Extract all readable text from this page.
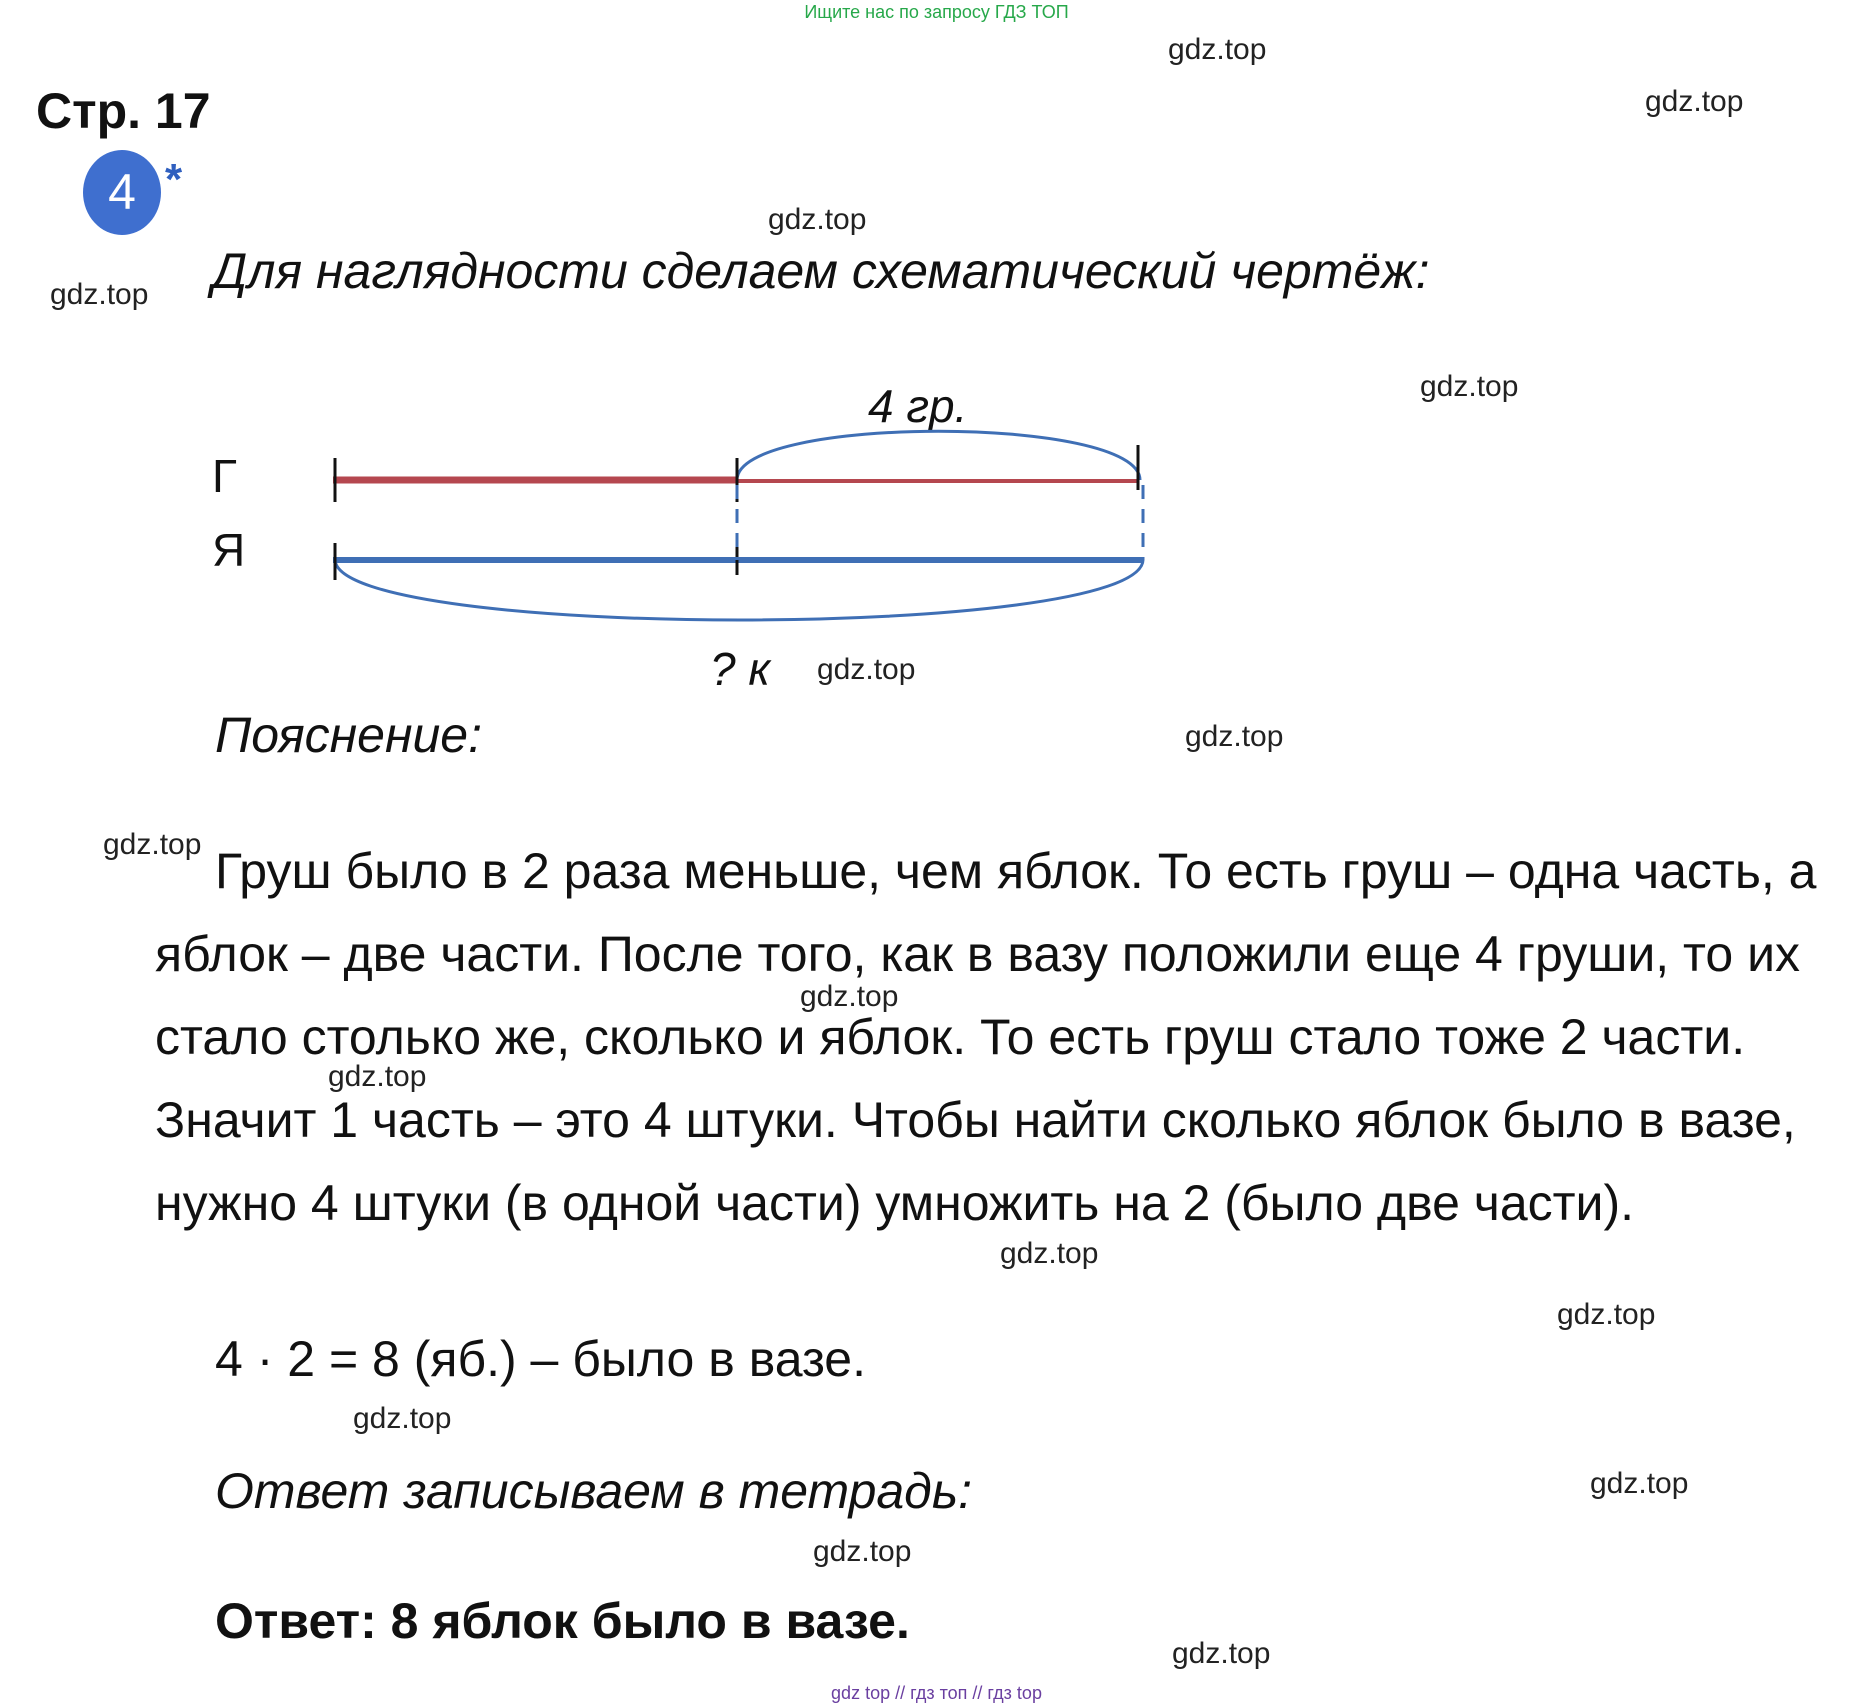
Ищите нас по запросу ГДЗ ТОП
Стр. 17
4 *
Для наглядности сделаем схематический чертёж:
Г
Я
4 гр.
? к
Пояснение:
Груш было в 2 раза меньше, чем яблок. То есть груш – одна часть, а яблок – две части. После того, как в вазу положили еще 4 груши, то их стало столько же, сколько и яблок. То есть груш стало тоже 2 части. Значит 1 часть – это 4 штуки. Чтобы найти сколько яблок было в вазе, нужно 4 штуки (в одной части) умножить на 2 (было две части).
4 · 2 = 8 (яб.) – было в вазе.
Ответ записываем в тетрадь:
Ответ: 8 яблок было в вазе.
gdz.top
gdz.top
gdz.top
gdz.top
gdz.top
gdz.top
gdz.top
gdz.top
gdz.top
gdz.top
gdz.top
gdz.top
gdz.top
gdz.top
gdz.top
gdz.top
gdz top // гдз топ // гдз top
